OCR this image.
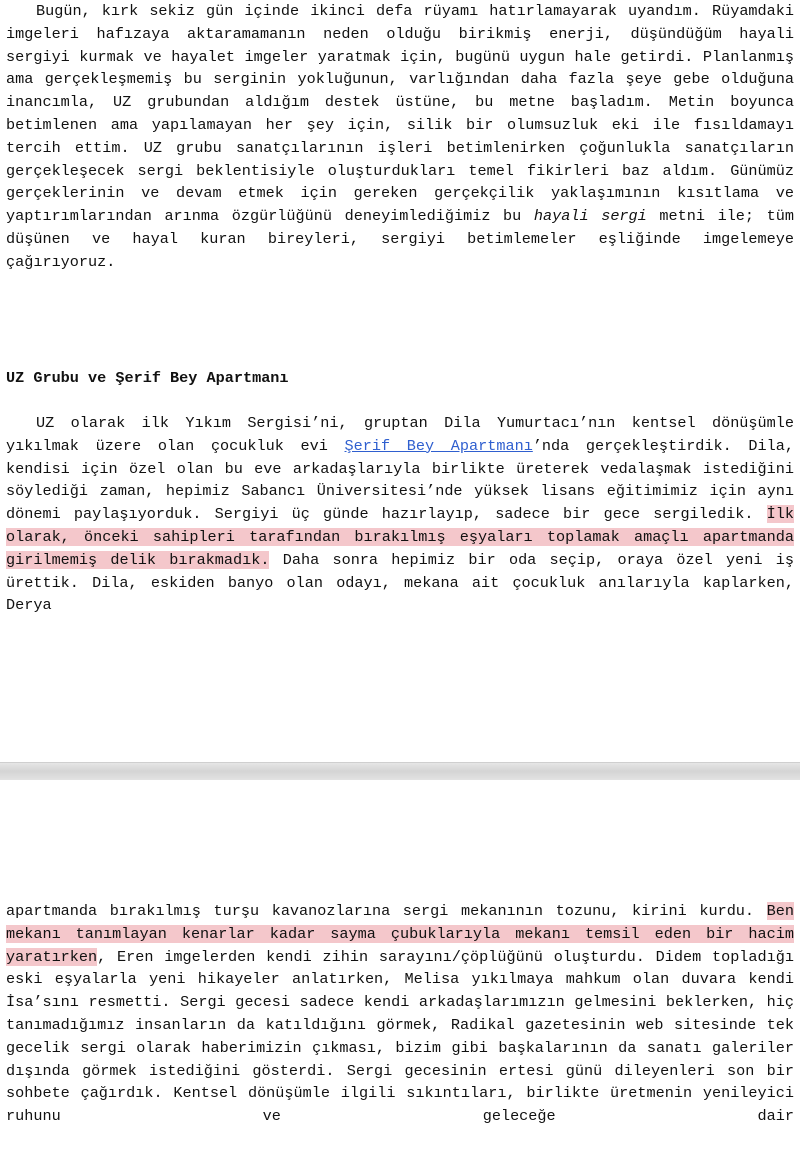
Bugün, kırk sekiz gün içinde ikinci defa rüyamı hatırlamayarak uyandım. Rüyamdaki imgeleri hafızaya aktaramamanın neden olduğu birikmiş enerji, düşündüğüm hayali sergiyi kurmak ve hayalet imgeler yaratmak için, bugünü uygun hale getirdi. Planlanmış ama gerçekleşmemiş bu serginin yokluğunun, varlığından daha fazla şeye gebe olduğuna inancımla, UZ grubundan aldığım destek üstüne, bu metne başladım. Metin boyunca betimlenen ama yapılamayan her şey için, silik bir olumsuzluk eki ile fısıldamayı tercih ettim. UZ grubu sanatçılarının işleri betimlenirken çoğunlukla sanatçıların gerçekleşecek sergi beklentisiyle oluşturdukları temel fikirleri baz aldım. Günümüz gerçeklerinin ve devam etmek için gereken gerçekçilik yaklaşımının kısıtlama ve yaptırımlarından arınma özgürlüğünü deneyimlediğimiz bu hayali sergi metni ile; tüm düşünen ve hayal kuran bireyleri, sergiyi betimlemeler eşliğinde imgelemeye çağırıyoruz.

UZ Grubu ve Şerif Bey Apartmanı

UZ olarak ilk Yıkım Sergisi’ni, gruptan Dila Yumurtacı’nın kentsel dönüşümle yıkılmak üzere olan çocukluk evi Şerif Bey Apartmanı’nda gerçekleştirdik. Dila, kendisi için özel olan bu eve arkadaşlarıyla birlikte üreterek vedalaşmak istediğini söylediği zaman, hepimiz Sabancı Üniversitesi’nde yüksek lisans eğitimimiz için aynı dönemi paylaşıyorduk. Sergiyi üç günde hazırlayıp, sadece bir gece sergiledik. İlk olarak, önceki sahipleri tarafından bırakılmış eşyaları toplamak amaçlı apartmanda girilmemiş delik bırakmadık. Daha sonra hepimiz bir oda seçip, oraya özel yeni iş ürettik. Dila, eskiden banyo olan odayı, mekana ait çocukluk anılarıyla kaplarken, Derya

apartmanda bırakılmış turşu kavanozlarına sergi mekanının tozunu, kirini kurdu. Ben mekanı tanımlayan kenarlar kadar sayma çubuklarıyla mekanı temsil eden bir hacim yaratırken, Eren imgelerden kendi zihin sarayını/çöplüğünü oluşturdu. Didem topladığı eski eşyalarla yeni hikayeler anlatırken, Melisa yıkılmaya mahkum olan duvara kendi İsa’sını resmetti. Sergi gecesi sadece kendi arkadaşlarımızın gelmesini beklerken, hiç tanımadığımız insanların da katıldığını görmek, Radikal gazetesinin web sitesinde tek gecelik sergi olarak haberimizin çıkması, bizim gibi başkalarının da sanatı galeriler dışında görmek istediğini gösterdi. Sergi gecesinin ertesi günü dileyenleri son bir sohbete çağırdık. Kentsel dönüşümle ilgili sıkıntıları, birlikte üretmenin yenileyici ruhunu ve geleceğe dair
